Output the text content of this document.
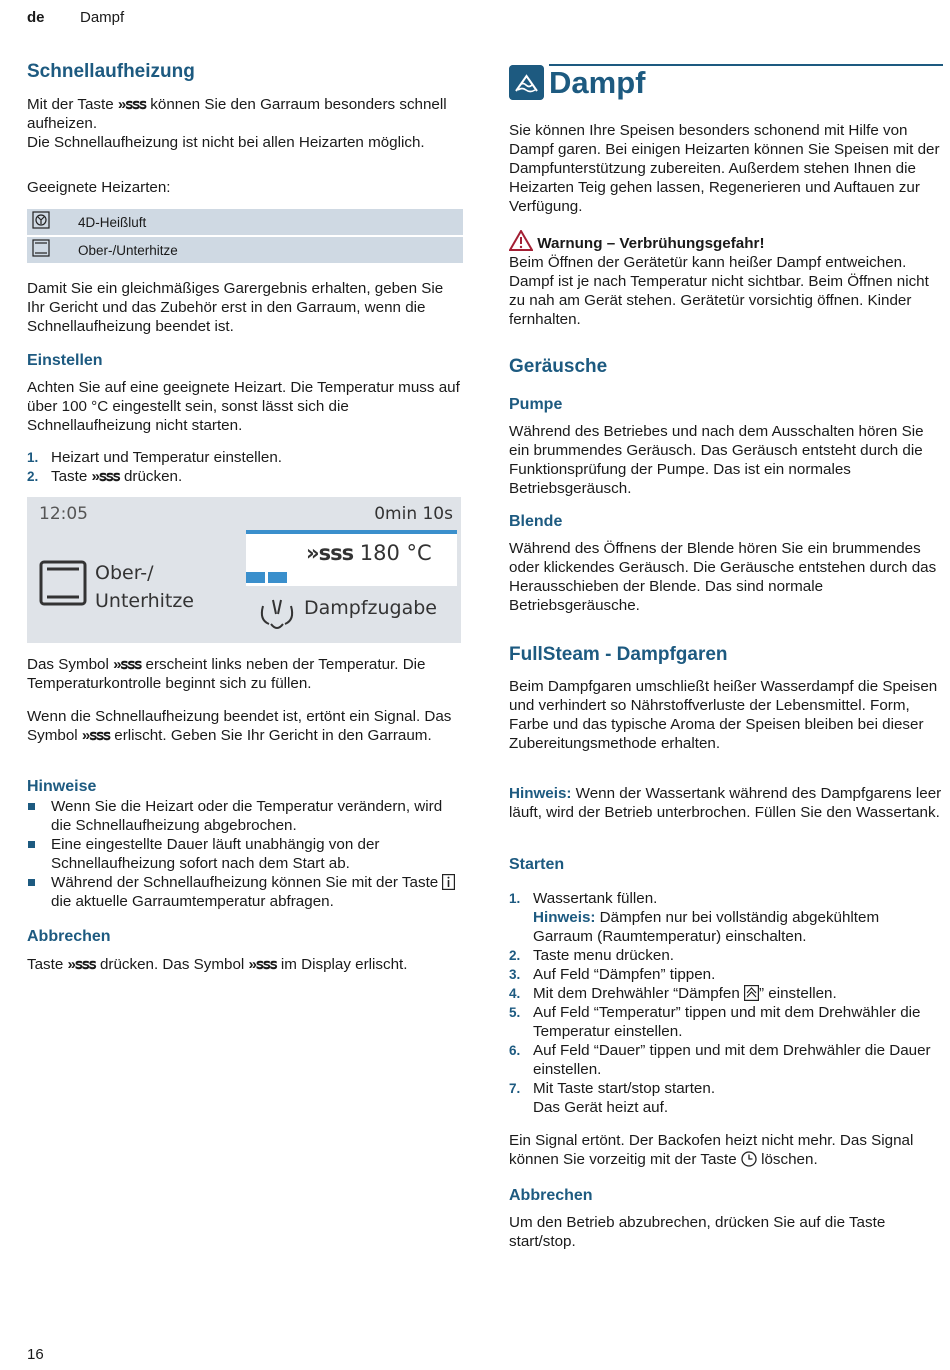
de Dampf
Schnellaufheizung

Mit der Taste »ꜱꜱꜱ können Sie den Garraum besonders schnell aufheizen.

Die Schnellaufheizung ist nicht bei allen Heizarten möglich.

Geeignete Heizarten:
	4D-Heißluft
	Ober-/Unterhitze
Damit Sie ein gleichmäßiges Garergebnis erhalten, geben Sie Ihr Gericht und das Zubehör erst in den Garraum, wenn die Schnellaufheizung beendet ist.
Einstellen
Achten Sie auf eine geeignete Heizart. Die Temperatur muss auf über 100 °C eingestellt sein, sonst lässt sich die Schnellaufheizung nicht starten.
1. Heizart und Temperatur einstellen.
2. Taste »ꜱꜱꜱ drücken.
12:05	0min 10s
Ober-/
Unterhitze
»ꜱꜱꜱ 180 °C
Dampfzugabe
Das Symbol »ꜱꜱꜱ erscheint links neben der Temperatur. Die Temperaturkontrolle beginnt sich zu füllen.
Wenn die Schnellaufheizung beendet ist, ertönt ein Signal. Das Symbol »ꜱꜱꜱ erlischt. Geben Sie Ihr Gericht in den Garraum.
Hinweise
Wenn Sie die Heizart oder die Temperatur verändern, wird die Schnellaufheizung abgebrochen.
Eine eingestellte Dauer läuft unabhängig von der Schnellaufheizung sofort nach dem Start ab.
Während der Schnellaufheizung können Sie mit der Taste  die aktuelle Garraumtemperatur abfragen.
Abbrechen
Taste »ꜱꜱꜱ drücken. Das Symbol »ꜱꜱꜱ im Display erlischt.
Dampf
Sie können Ihre Speisen besonders schonend mit Hilfe von Dampf garen. Bei einigen Heizarten können Sie Speisen mit der Dampfunterstützung zubereiten. Außerdem stehen Ihnen die Heizarten Teig gehen lassen, Regenerieren und Auftauen zur Verfügung.

Warnung – Verbrühungsgefahr!

Beim Öffnen der Gerätetür kann heißer Dampf entweichen. Dampf ist je nach Temperatur nicht sichtbar. Beim Öffnen nicht zu nah am Gerät stehen. Gerätetür vorsichtig öffnen. Kinder fernhalten.

Geräusche
Pumpe
Während des Betriebes und nach dem Ausschalten hören Sie ein brummendes Geräusch. Das Geräusch entsteht durch die Funktionsprüfung der Pumpe. Das ist ein normales Betriebsgeräusch.
Blende
Während des Öffnens der Blende hören Sie ein brummendes oder klickendes Geräusch. Die Geräusche entstehen durch das Herausschieben der Blende. Das sind normale Betriebsgeräusche.
FullSteam - Dampfgaren
Beim Dampfgaren umschließt heißer Wasserdampf die Speisen und verhindert so Nährstoffverluste der Lebensmittel. Form, Farbe und das typische Aroma der Speisen bleiben bei dieser Zubereitungsmethode erhalten.
Hinweis: Wenn der Wassertank während des Dampfgarens leer läuft, wird der Betrieb unterbrochen. Füllen Sie den Wassertank.
Starten
1. Wassertank füllen.
Hinweis: Dämpfen nur bei vollständig abgekühltem Garraum (Raumtemperatur) einschalten.
2. Taste menu drücken.
3. Auf Feld “Dämpfen” tippen.
4. Mit dem Drehwähler “Dämpfen ” einstellen.
5. Auf Feld “Temperatur” tippen und mit dem Drehwähler die Temperatur einstellen.
6. Auf Feld “Dauer” tippen und mit dem Drehwähler die Dauer einstellen.
7. Mit Taste start/stop starten.
Das Gerät heizt auf.
Ein Signal ertönt. Der Backofen heizt nicht mehr. Das Signal können Sie vorzeitig mit der Taste  löschen.
Abbrechen
Um den Betrieb abzubrechen, drücken Sie auf die Taste start/stop.
16
